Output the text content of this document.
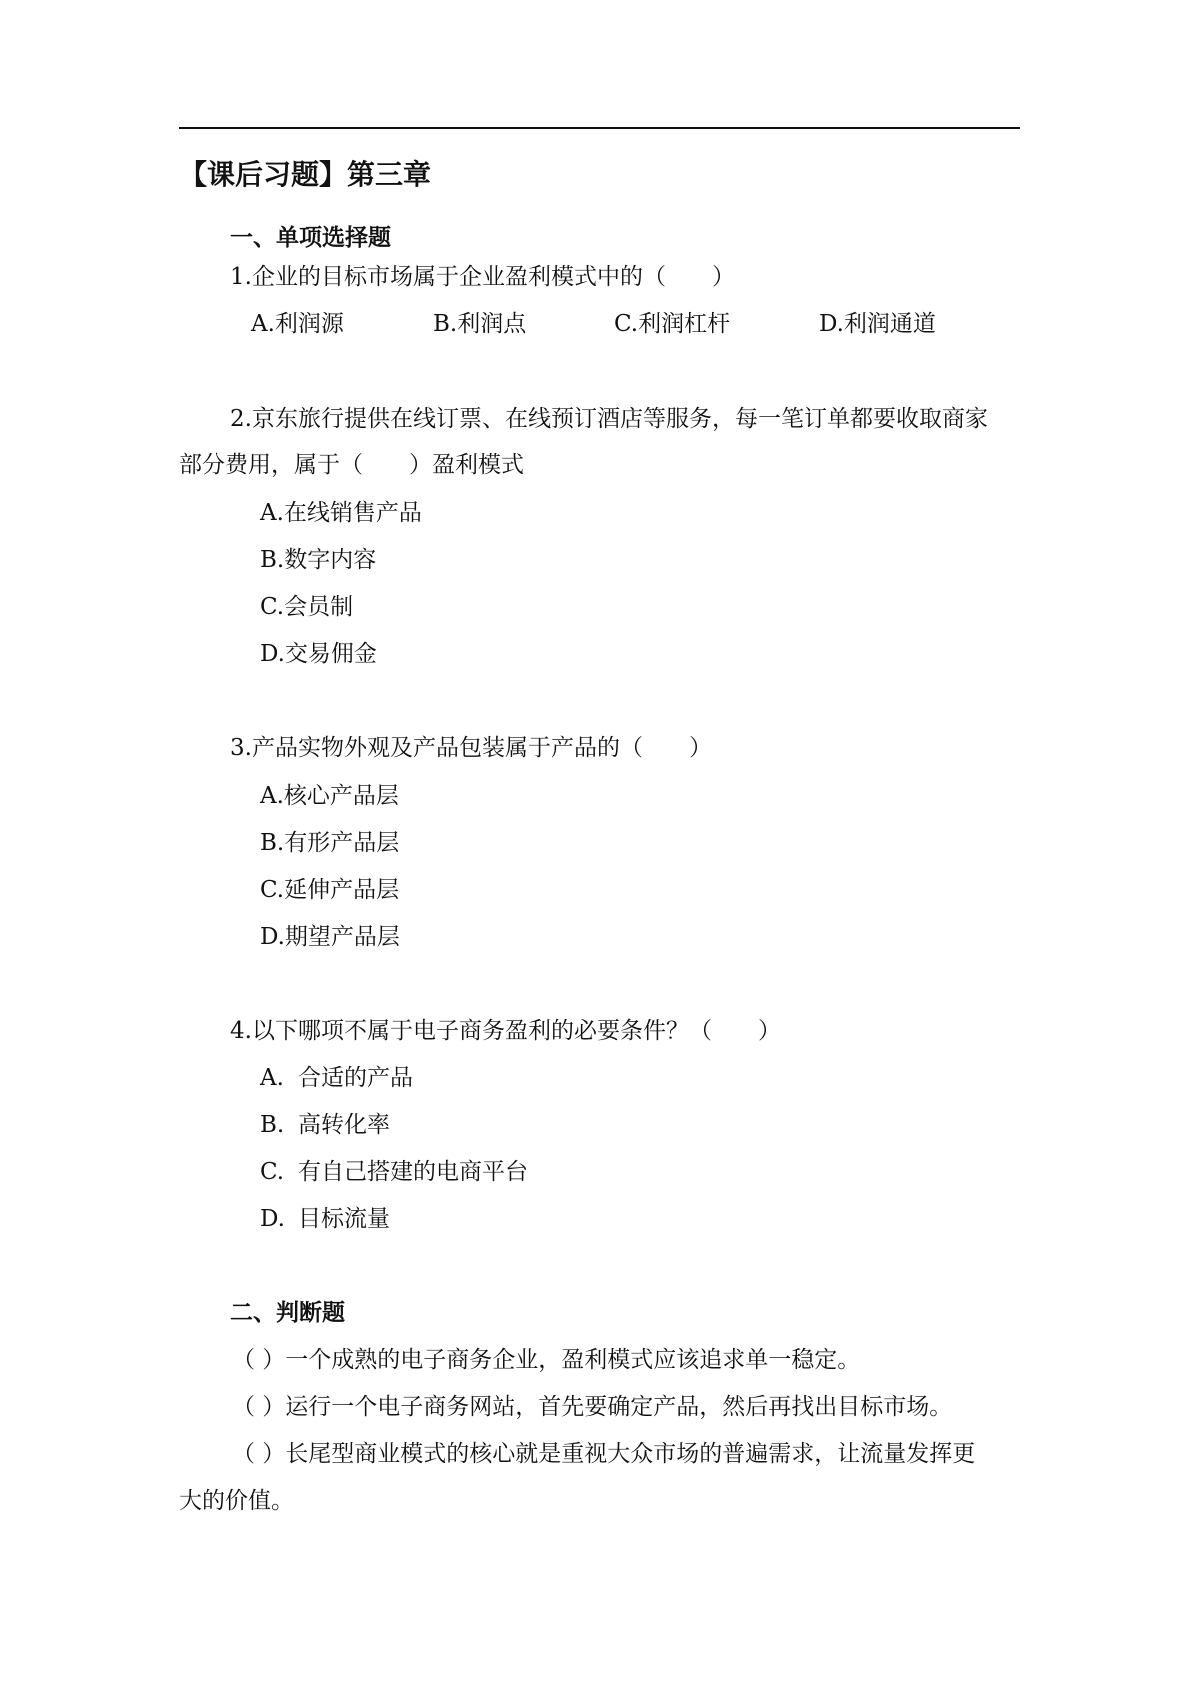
【课后习题】第三章
一、单项选择题
1.企业的目标市场属于企业盈利模式中的（　　）
A.利润源	B.利润点	C.利润杠杆	D.利润通道
2.京东旅行提供在线订票、在线预订酒店等服务，每一笔订单都要收取商家
部分费用，属于（　　）盈利模式
A.在线销售产品
B.数字内容
C.会员制
D.交易佣金
3.产品实物外观及产品包装属于产品的（　　）
A.核心产品层
B.有形产品层
C.延伸产品层
D.期望产品层
4.以下哪项不属于电子商务盈利的必要条件？（　　）
A. 合适的产品
B. 高转化率
C. 有自己搭建的电商平台
D. 目标流量
二、判断题
（ ）一个成熟的电子商务企业，盈利模式应该追求单一稳定。
（ ）运行一个电子商务网站，首先要确定产品，然后再找出目标市场。
（ ）长尾型商业模式的核心就是重视大众市场的普遍需求，让流量发挥更
大的价值。
